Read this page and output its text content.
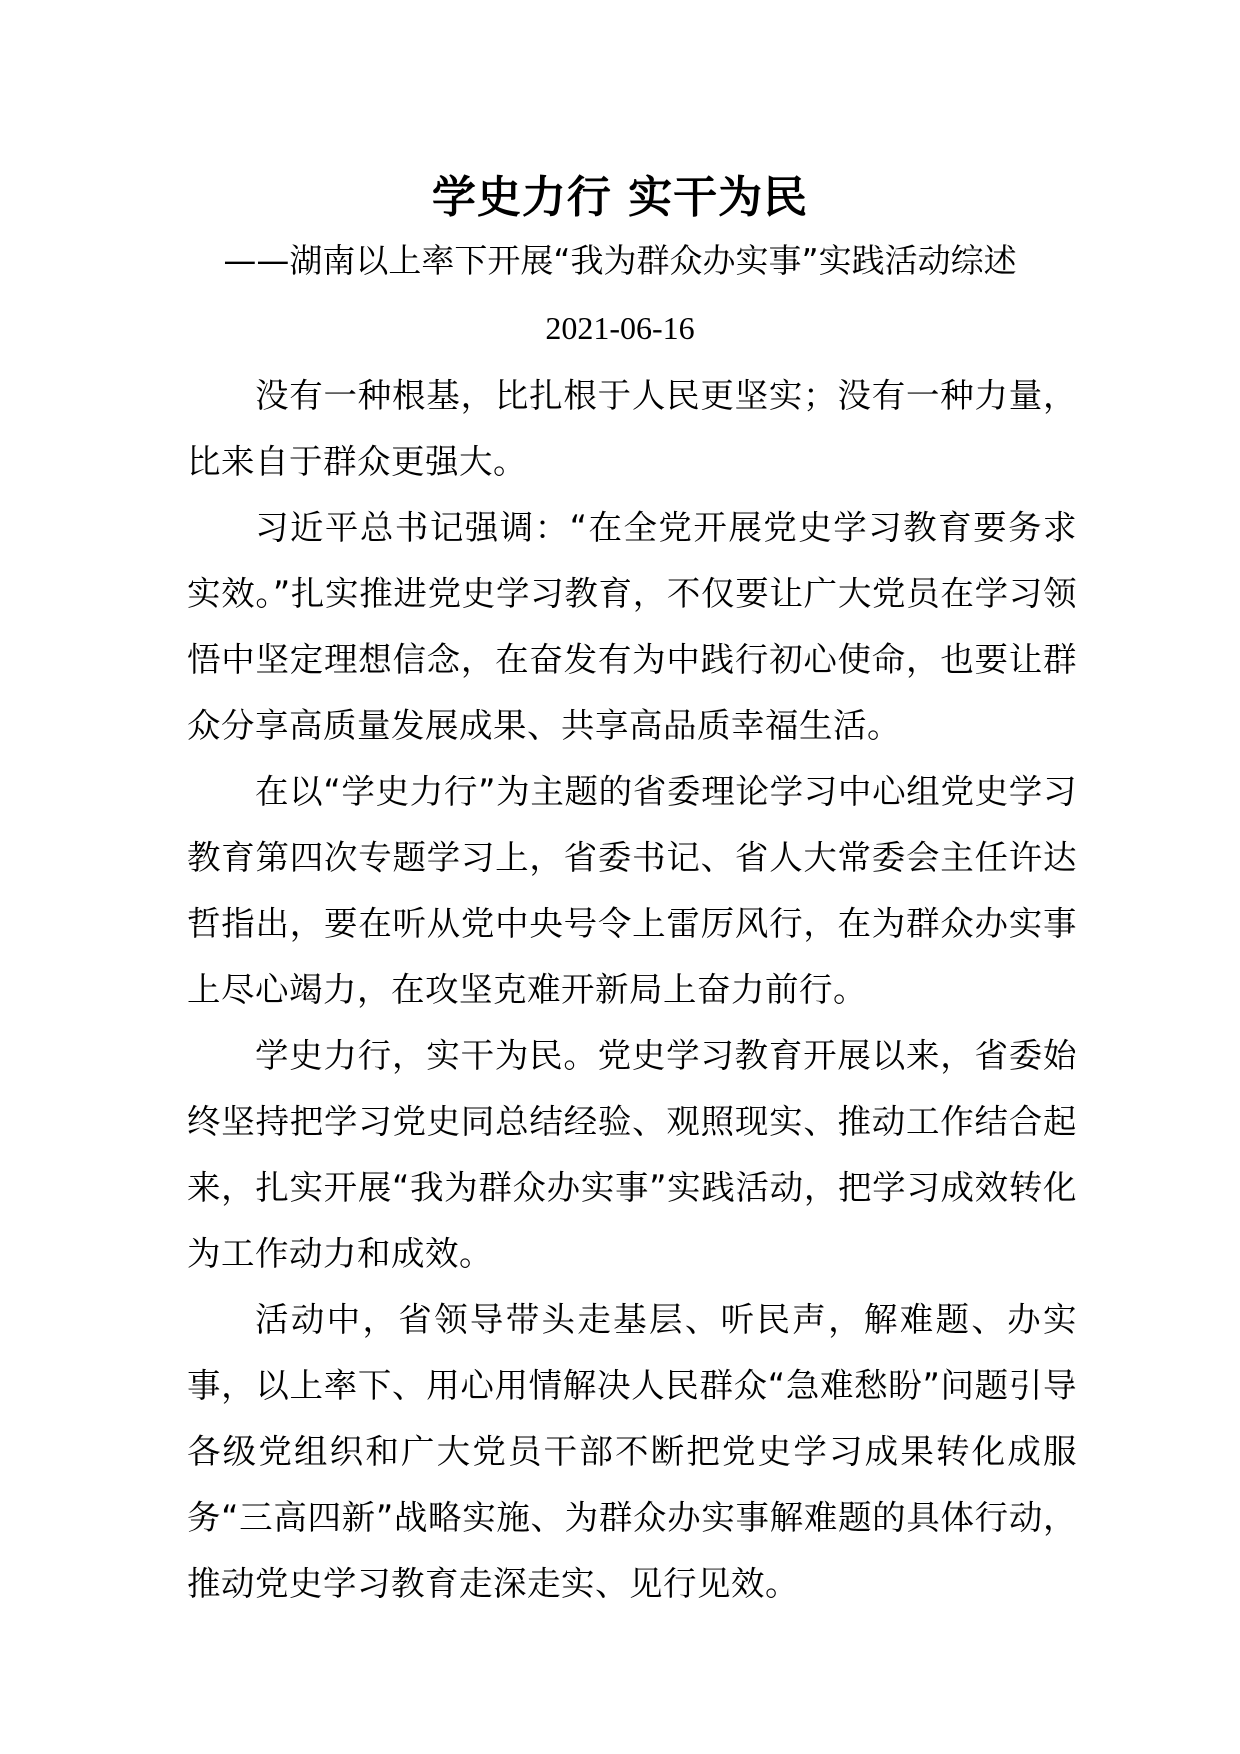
学史力行 实干为民
——湖南以上率下开展“我为群众办实事”实践活动综述
2021-06-16

没有一种根基，比扎根于人民更坚实；没有一种力量，比来自于群众更强大。

习近平总书记强调：“在全党开展党史学习教育要务求实效。”扎实推进党史学习教育，不仅要让广大党员在学习领悟中坚定理想信念，在奋发有为中践行初心使命，也要让群众分享高质量发展成果、共享高品质幸福生活。

在以“学史力行”为主题的省委理论学习中心组党史学习教育第四次专题学习上，省委书记、省人大常委会主任许达哲指出，要在听从党中央号令上雷厉风行，在为群众办实事上尽心竭力，在攻坚克难开新局上奋力前行。

学史力行，实干为民。党史学习教育开展以来，省委始终坚持把学习党史同总结经验、观照现实、推动工作结合起来，扎实开展“我为群众办实事”实践活动，把学习成效转化为工作动力和成效。

活动中，省领导带头走基层、听民声，解难题、办实事，以上率下、用心用情解决人民群众“急难愁盼”问题引导各级党组织和广大党员干部不断把党史学习成果转化成服务“三高四新”战略实施、为群众办实事解难题的具体行动，推动党史学习教育走深走实、见行见效。
